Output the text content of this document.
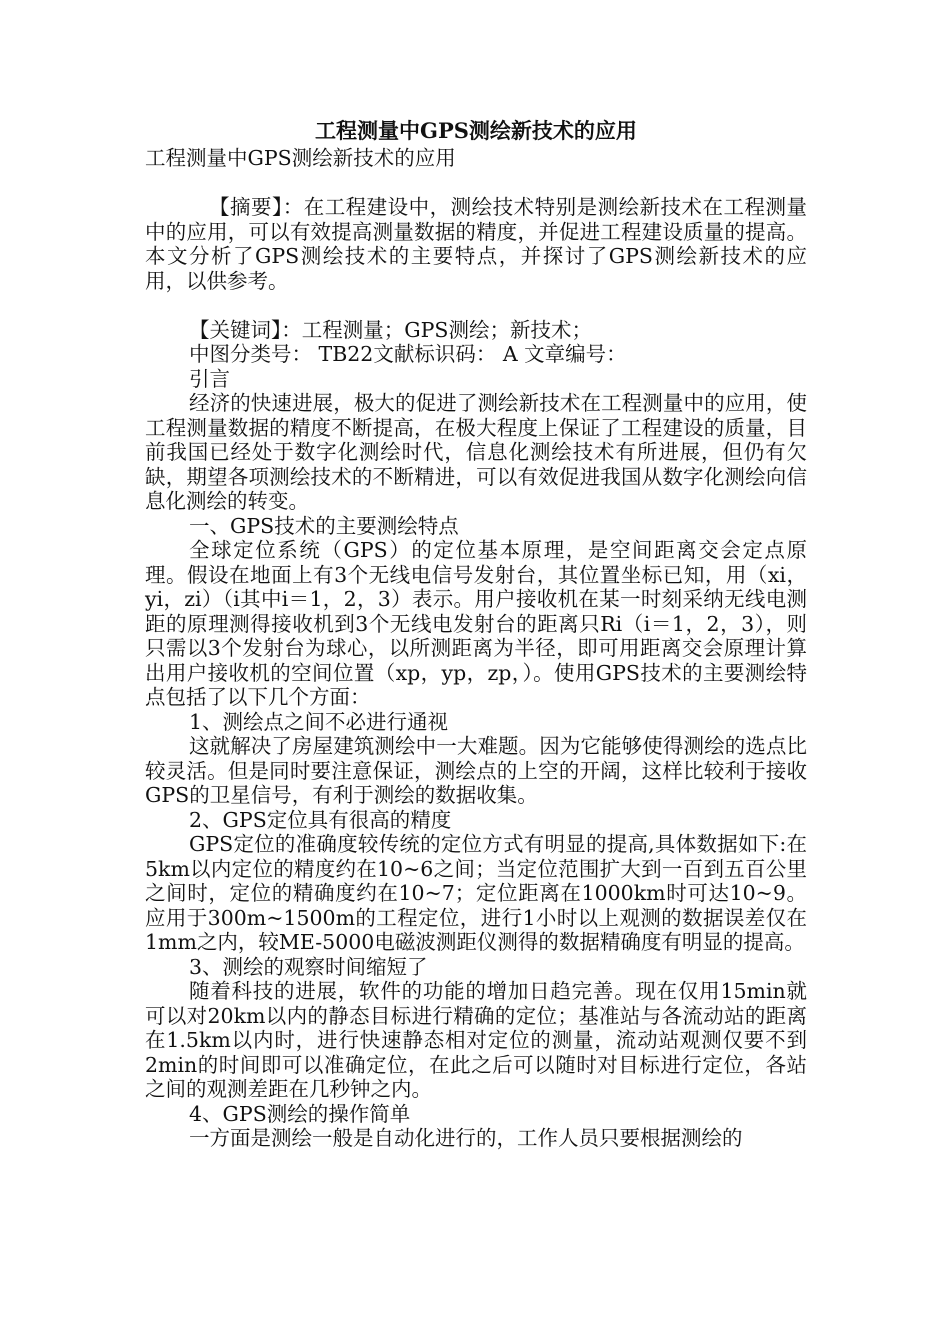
工程测量中GPS测绘新技术的应用

工程测量中GPS测绘新技术的应用

【摘要】：在工程建设中，测绘技术特别是测绘新技术在工程测量中的应用，可以有效提高测量数据的精度，并促进工程建设质量的提高。本文分析了GPS测绘技术的主要特点，并探讨了GPS测绘新技术的应用，以供参考。

【关键词】：工程测量；GPS测绘；新技术；

中图分类号： TB22文献标识码： A 文章编号：

引言

经济的快速进展，极大的促进了测绘新技术在工程测量中的应用，使工程测量数据的精度不断提高，在极大程度上保证了工程建设的质量，目前我国已经处于数字化测绘时代，信息化测绘技术有所进展，但仍有欠缺，期望各项测绘技术的不断精进，可以有效促进我国从数字化测绘向信息化测绘的转变。

一、GPS技术的主要测绘特点

全球定位系统（GPS）的定位基本原理，是空间距离交会定点原理。假设在地面上有3个无线电信号发射台，其位置坐标已知，用（xi，yi，zi）（i其中i＝1，2，3）表示。用户接收机在某一时刻采纳无线电测距的原理测得接收机到3个无线电发射台的距离只Ri（i＝1，2，3），则只需以3个发射台为球心，以所测距离为半径，即可用距离交会原理计算出用户接收机的空间位置（xp，yp，zp，）。使用GPS技术的主要测绘特点包括了以下几个方面：

1、测绘点之间不必进行通视

这就解决了房屋建筑测绘中一大难题。因为它能够使得测绘的选点比较灵活。但是同时要注意保证，测绘点的上空的开阔，这样比较利于接收GPS的卫星信号，有利于测绘的数据收集。

2、GPS定位具有很高的精度

GPS定位的准确度较传统的定位方式有明显的提高,具体数据如下:在5km以内定位的精度约在10~6之间；当定位范围扩大到一百到五百公里之间时，定位的精确度约在10~7；定位距离在1000km时可达10~9。应用于300m~1500m的工程定位，进行1小时以上观测的数据误差仅在1mm之内，较ME-5000电磁波测距仪测得的数据精确度有明显的提高。

3、测绘的观察时间缩短了

随着科技的进展，软件的功能的增加日趋完善。现在仅用15min就可以对20km以内的静态目标进行精确的定位；基准站与各流动站的距离在1.5km以内时，进行快速静态相对定位的测量，流动站观测仅要不到2min的时间即可以准确定位，在此之后可以随时对目标进行定位，各站之间的观测差距在几秒钟之内。

4、GPS测绘的操作简单

一方面是测绘一般是自动化进行的，工作人员只要根据测绘的
